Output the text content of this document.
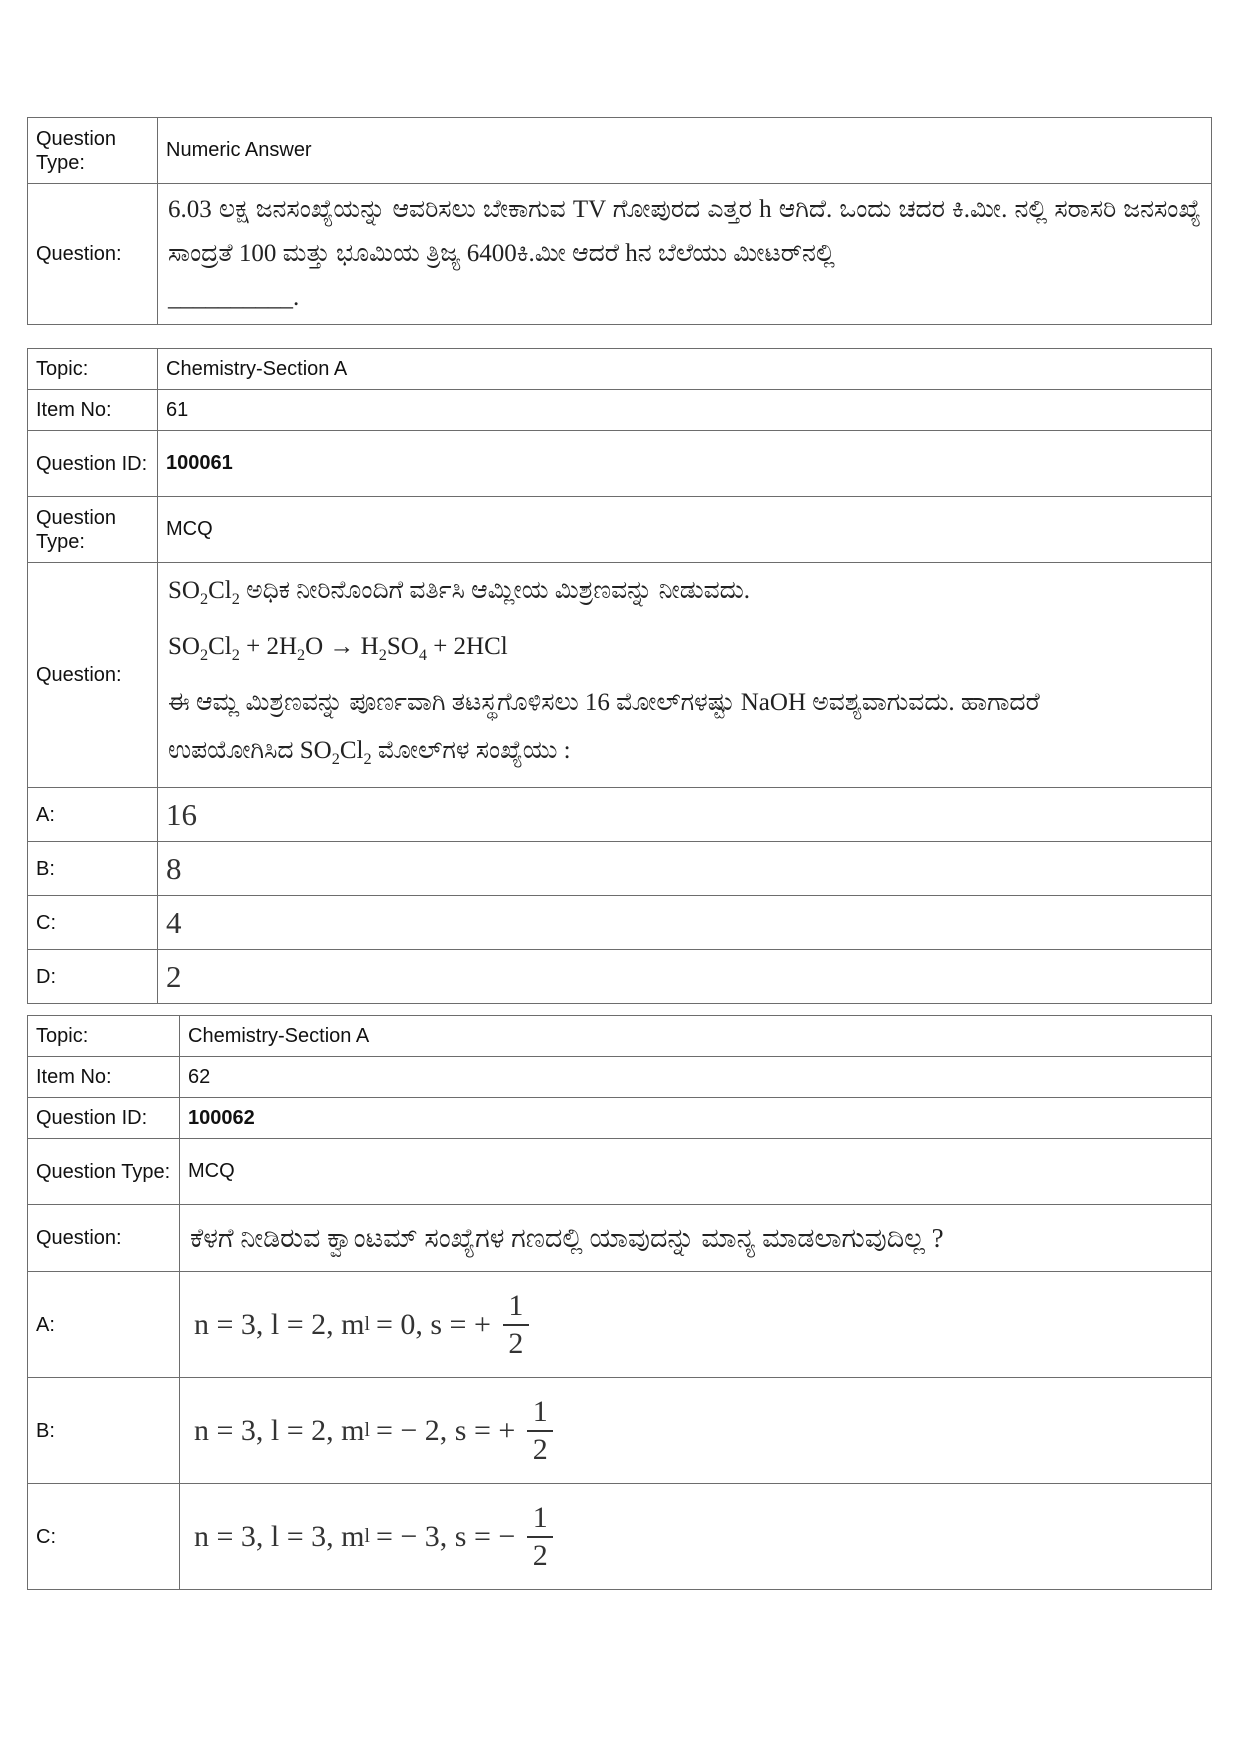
Question Type:	Numeric Answer
Question:	6.03 ಲಕ್ಷ ಜನಸಂಖ್ಯೆಯನ್ನು ಆವರಿಸಲು ಬೇಕಾಗುವ TV ಗೋಪುರದ ಎತ್ತರ h ಆಗಿದೆ. ಒಂದು ಚದರ ಕಿ.ಮೀ. ನಲ್ಲಿ ಸರಾಸರಿ ಜನಸಂಖ್ಯೆ ಸಾಂದ್ರತೆ 100 ಮತ್ತು ಭೂಮಿಯ ತ್ರಿಜ್ಯ 6400ಕಿ.ಮೀ ಆದರೆ hನ ಬೆಲೆಯು ಮೀಟರ್‌ನಲ್ಲಿ
__________.
Topic:	Chemistry-Section A
Item No:	61
Question ID:	100061
Question Type:	MCQ
Question:	$SO_2Cl_2$ ಅಧಿಕ ನೀರಿನೊಂದಿಗೆ ವರ್ತಿಸಿ ಆಮ್ಲೀಯ ಮಿಶ್ರಣವನ್ನು ನೀಡುವದು.
$SO_2Cl_2 + 2H_2O \to H_2SO_4 + 2HCl$
ಈ ಆಮ್ಲ ಮಿಶ್ರಣವನ್ನು ಪೂರ್ಣವಾಗಿ ತಟಸ್ಥಗೊಳಿಸಲು 16 ಮೋಲ್‌ಗಳಷ್ಟು NaOH ಅವಶ್ಯವಾಗುವದು. ಹಾಗಾದರೆ
ಉಪಯೋಗಿಸಿದ $SO_2Cl_2$ ಮೋಲ್‌ಗಳ ಸಂಖ್ಯೆಯು :

A:	16
B:	8
C:	4
D:	2
Topic:	Chemistry-Section A
Item No:	62
Question ID:	100062
Question Type:	MCQ
Question:	ಕೆಳಗೆ ನೀಡಿರುವ ಕ್ವಾಂಟಮ್ ಸಂಖ್ಯೆಗಳ ಗಣದಲ್ಲಿ ಯಾವುದನ್ನು ಮಾನ್ಯ ಮಾಡಲಾಗುವುದಿಲ್ಲ ?

A:	n = 3, l = 2, m l = 0, s = + $\frac{1}{2}$

B:	n = 3, l = 2, m l = − 2, s = + $\frac{1}{2}$

C:	n = 3, l = 3, m l = − 3, s = − $\frac{1}{2}$
